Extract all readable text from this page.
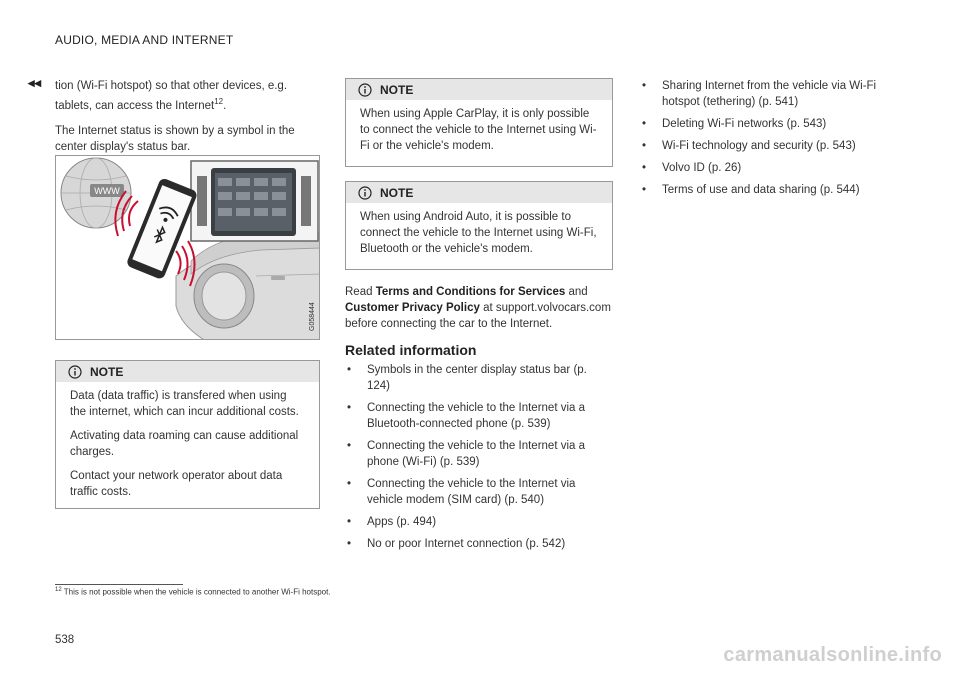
AUDIO, MEDIA AND INTERNET
◂◂ tion (Wi-Fi hotspot) so that other devices, e.g. tablets, can access the Internet$^{12}$.

The Internet status is shown by a symbol in the center display's status bar.

WWW
G058444
NOTE

Data (data traffic) is transfered when using the internet, which can incur additional costs.

Activating data roaming can cause additional charges.

Contact your network operator about data traffic costs.

NOTE

When using Apple CarPlay, it is only possible to connect the vehicle to the Internet using Wi-Fi or the vehicle's modem.

NOTE

When using Android Auto, it is possible to connect the vehicle to the Internet using Wi-Fi, Bluetooth or the vehicle's modem.

Read Terms and Conditions for Services and Customer Privacy Policy at support.volvocars.com before connecting the car to the Internet.

Related information
• Symbols in the center display status bar (p. 124)
• Connecting the vehicle to the Internet via a Bluetooth-connected phone (p. 539)
• Connecting the vehicle to the Internet via a phone (Wi-Fi) (p. 539)
• Connecting the vehicle to the Internet via vehicle modem (SIM card) (p. 540)
• Apps (p. 494)
• No or poor Internet connection (p. 542)
• Sharing Internet from the vehicle via Wi-Fi hotspot (tethering) (p. 541)
• Deleting Wi-Fi networks (p. 543)
• Wi-Fi technology and security (p. 543)
• Volvo ID (p. 26)
• Terms of use and data sharing (p. 544)
$^{12}$ This is not possible when the vehicle is connected to another Wi-Fi hotspot.
538
carmanualsonline.info
